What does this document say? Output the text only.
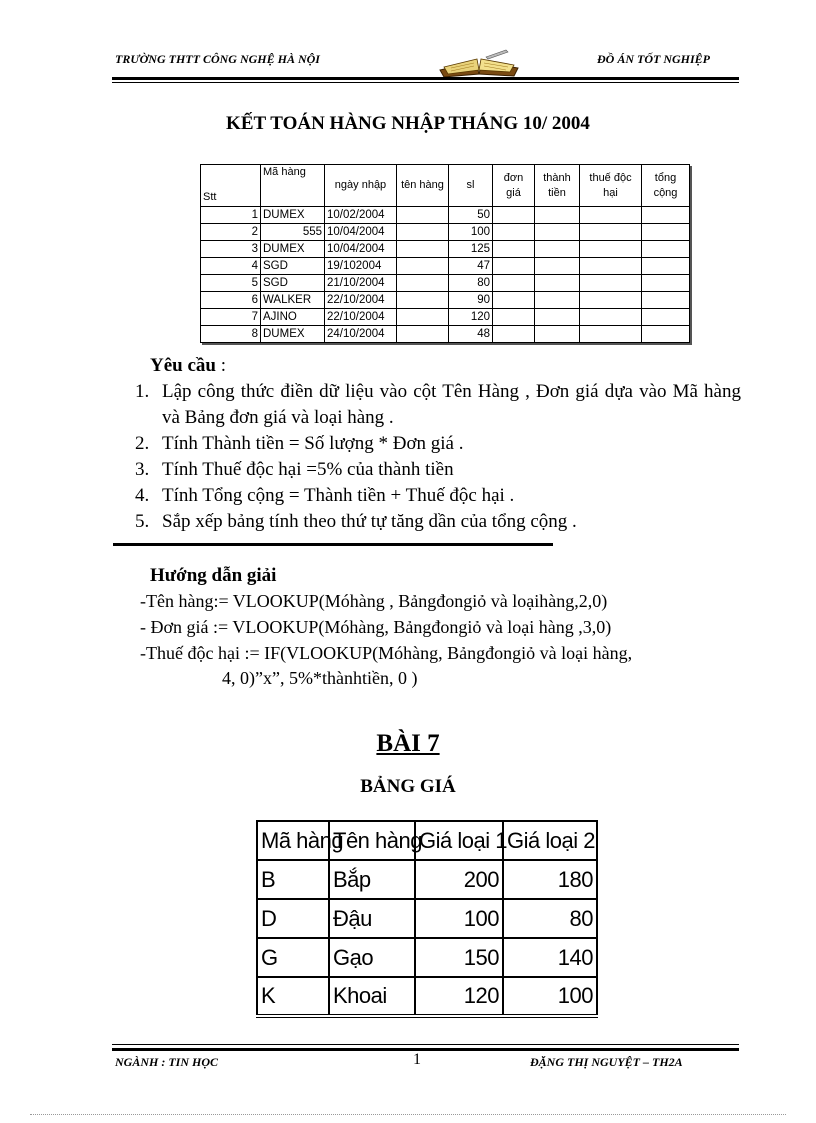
TRƯỜNG THTT CÔNG NGHỆ HÀ NỘI	ĐỒ ÁN TỐT NGHIỆP
KẾT TOÁN HÀNG NHẬP THÁNG 10/ 2004
Stt	Mã hàng	ngày nhập	tên hàng	sl	đơn giá	thành tiền	thuế độc hại	tổng cộng
1	DUMEX	10/02/2004		50				
2	555	10/04/2004		100				
3	DUMEX	10/04/2004		125				
4	SGD	19/102004		47				
5	SGD	21/10/2004		80				
6	WALKER	22/10/2004		90				
7	AJINO	22/10/2004		120				
8	DUMEX	24/10/2004		48				
Yêu cầu :
1. Lập công thức điền dữ liệu vào cột Tên Hàng , Đơn giá dựa vào Mã hàng và Bảng đơn giá và loại hàng .
2. Tính Thành tiền = Số lượng * Đơn giá .
3. Tính Thuế độc hại =5% của thành tiền
4. Tính Tổng cộng = Thành tiền + Thuế độc hại .
5. Sắp xếp bảng tính theo thứ tự tăng dần của tổng cộng .
Hướng dẫn giải
-Tên hàng:= VLOOKUP(Móhàng , Bảngđongiỏ và loạihàng,2,0)
- Đơn giá := VLOOKUP(Móhàng, Bảngđongiỏ và loại hàng ,3,0)
-Thuế độc hại := IF(VLOOKUP(Móhàng, Bảngđongiỏ và loại hàng,
4, 0)”x”, 5%*thànhtiền, 0 )
BÀI 7
BẢNG GIÁ
Mã hàng	Tên hàng	Giá loại 1	Giá loại 2
B	Bắp	200	180
D	Đậu	100	80
G	Gạo	150	140
K	Khoai	120	100
NGÀNH : TIN HỌC	1	ĐẶNG THỊ NGUYỆT – TH2A
